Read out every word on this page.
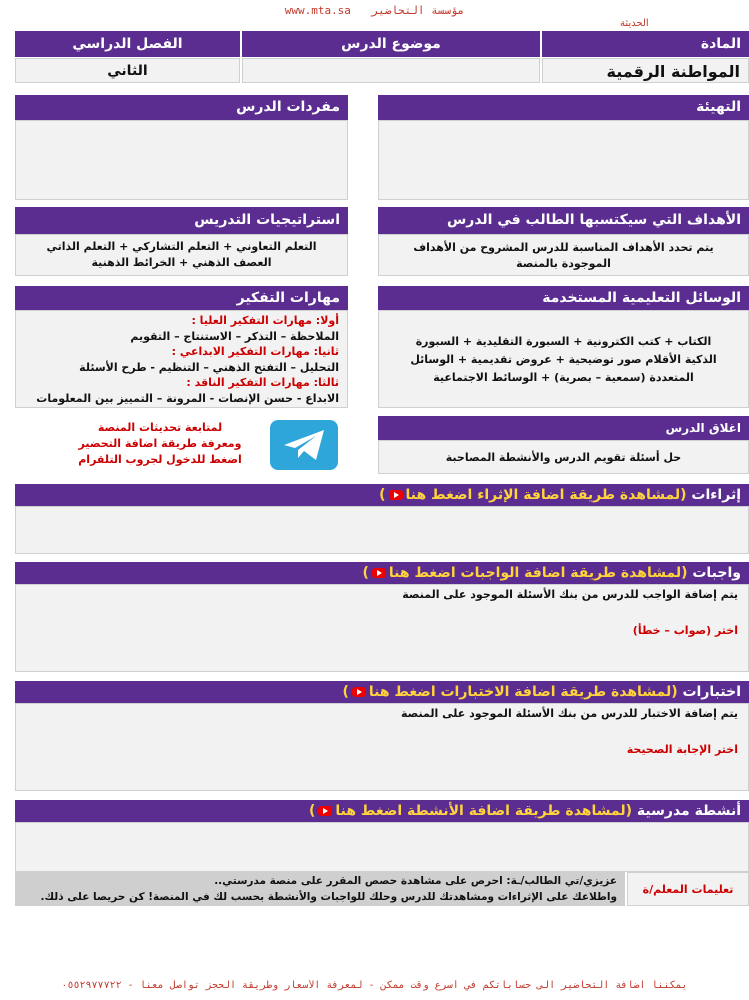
www.mta.sa مؤسسة التحاضير
الحديثة
المادة
موضوع الدرس
الفصل الدراسي
المواطنة الرقمية
الثاني
التهيئة
مفردات الدرس
الأهداف التي سيكتسبها الطالب في الدرس
يتم تحدد الأهداف المناسبة للدرس المشروح من الأهداف الموجودة بالمنصة
استراتيجيات التدريس
التعلم التعاوني + التعلم التشاركي + التعلم الذاتي
العصف الذهني + الخرائط الذهنية
الوسائل التعليمية المستخدمة
الكتاب + كتب الكترونية + السبورة التقليدية + السبورة الذكية الأقلام صور توضيحية + عروض تقديمية + الوسائل المتعددة (سمعية – بصرية) + الوسائط الاجتماعية
مهارات التفكير
أولا: مهارات التفكير العليا :
الملاحظة – التذكر – الاستنتاج – التقويم
ثانيا: مهارات التفكير الابداعي :
التحليل – التفتح الذهني – التنظيم - طرح الأسئلة
ثالثا: مهارات التفكير الناقد :
الابداع - حسن الإنصات - المرونة – التمييز بين المعلومات
اغلاق الدرس
حل أسئلة تقويم الدرس والأنشطة المصاحبة
لمتابعة تحديثات المنصة
ومعرفة طريقة اضافة التحضير
اضغط للدخول لجروب التلقرام
إثراءات (لمشاهدة طريقة اضافة الإثراء اضغط هنا)
واجبات (لمشاهدة طريقة اضافة الواجبات اضغط هنا)
يتم إضافة الواجب للدرس من بنك الأسئلة الموجود على المنصة
اختر (صواب – خطأ)
اختبارات (لمشاهدة طريقة اضافة الاختبارات اضغط هنا)
يتم إضافة الاختبار للدرس من بنك الأسئلة الموجود على المنصة
اختر الإجابة الصحيحة
أنشطة مدرسية (لمشاهدة طريقة اضافة الأنشطة اضغط هنا)
تعليمات المعلم/ة
عزيزي/تي الطالب/ـة: احرص على مشاهدة حصص المقرر على منصة مدرستي..
واطلاعك على الإثراءات ومشاهدتك للدرس وحلك للواجبات والأنشطة بحسب لك في المنصة! كن حريصا على ذلك.
يمكننا اضافة التحاضير الى حساباتكم في أسرع وقت ممكن - لمعرفة الأسعار وطريقة الحجز تواصل معنا - ٠٥٥٢٩٧٧٧٢٢
